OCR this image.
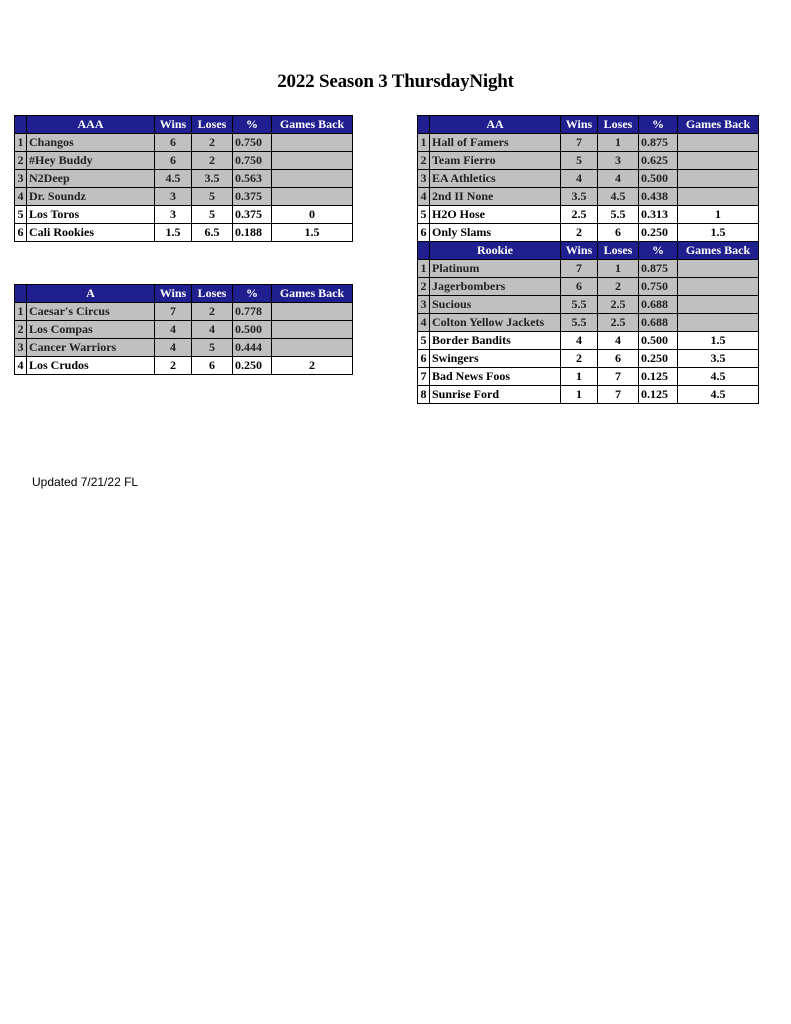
2022 Season 3 ThursdayNight
	AAA	Wins	Loses	%	Games Back
1	Changos	6	2	0.750	
2	#Hey Buddy	6	2	0.750	
3	N2Deep	4.5	3.5	0.563	
4	Dr. Soundz	3	5	0.375	
5	Los Toros	3	5	0.375	0
6	Cali Rookies	1.5	6.5	0.188	1.5
	A	Wins	Loses	%	Games Back
1	Caesar's Circus	7	2	0.778	
2	Los Compas	4	4	0.500	
3	Cancer Warriors	4	5	0.444	
4	Los Crudos	2	6	0.250	2
	AA	Wins	Loses	%	Games Back
1	Hall of Famers	7	1	0.875	
2	Team Fierro	5	3	0.625	
3	EA Athletics	4	4	0.500	
4	2nd II None	3.5	4.5	0.438	
5	H2O Hose	2.5	5.5	0.313	1
6	Only Slams	2	6	0.250	1.5
	Rookie	Wins	Loses	%	Games Back
1	Platinum	7	1	0.875	
2	Jagerbombers	6	2	0.750	
3	Sucious	5.5	2.5	0.688	
4	Colton Yellow Jackets	5.5	2.5	0.688	
5	Border Bandits	4	4	0.500	1.5
6	Swingers	2	6	0.250	3.5
7	Bad News Foos	1	7	0.125	4.5
8	Sunrise Ford	1	7	0.125	4.5
Updated 7/21/22 FL
